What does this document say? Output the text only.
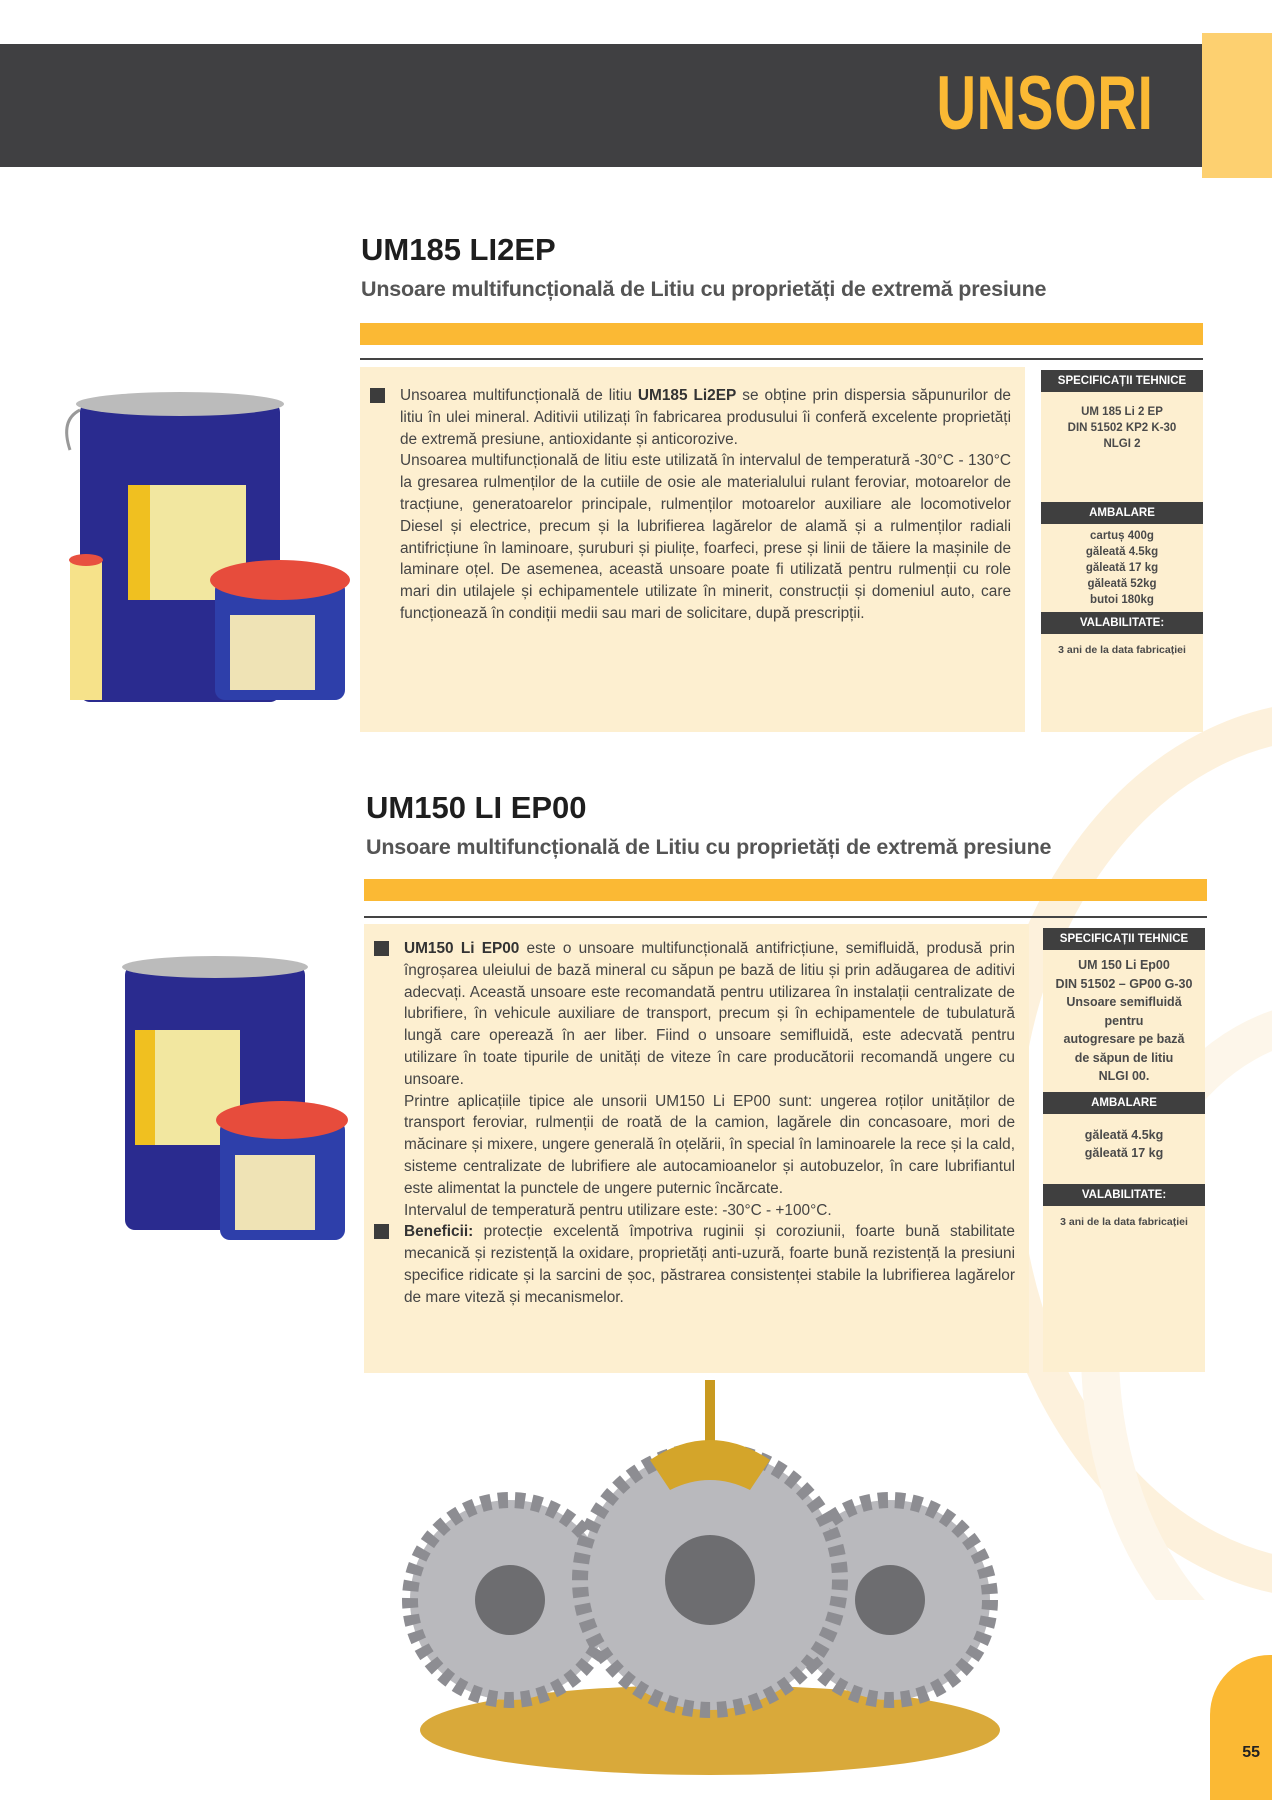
UNSORI
UM185 LI2EP
Unsoare multifuncțională de Litiu cu proprietăți de extremă presiune

Unsoarea multifuncțională de litiu UM185 Li2EP se obține prin dispersia săpunurilor de litiu în ulei mineral. Aditivii utilizați în fabricarea produsului îi conferă excelente proprietăți de extremă presiune, antioxidante și anticorozive.

Unsoarea multifuncțională de litiu este utilizată în intervalul de temperatură -30°C - 130°C la gresarea rulmenților de la cutiile de osie ale materialului rulant feroviar, motoarelor de tracțiune, generatoarelor principale, rulmenților motoarelor auxiliare ale locomotivelor Diesel și electrice, precum și la lubrifierea lagărelor de alamă și a rulmenților radiali antifricțiune în laminoare, șuruburi și piulițe, foarfeci, prese și linii de tăiere la mașinile de laminare oțel. De asemenea, această unsoare poate fi utilizată pentru rulmenții cu role mari din utilajele și echipamentele utilizate în minerit, construcții și domeniul auto, care funcționează în condiții medii sau mari de solicitare, după prescripții.

SPECIFICAȚII TEHNICE
UM 185 Li 2 EP
DIN 51502 KP2 K-30
NLGI 2
AMBALARE
cartuș 400g
găleată 4.5kg
găleată 17 kg
găleată 52kg
butoi 180kg
VALABILITATE:
3 ani de la data fabricației
UM150 LI EP00
Unsoare multifuncțională de Litiu cu proprietăți de extremă presiune

UM150 Li EP00 este o unsoare multifuncțională antifricțiune, semifluidă, produsă prin îngroșarea uleiului de bază mineral cu săpun pe bază de litiu și prin adăugarea de aditivi adecvați. Această unsoare este recomandată pentru utilizarea în instalații centralizate de lubrifiere, în vehicule auxiliare de transport, precum și în echipamentele de tubulatură lungă care operează în aer liber. Fiind o unsoare semifluidă, este adecvată pentru utilizare în toate tipurile de unități de viteze în care producătorii recomandă ungere cu unsoare.

Printre aplicațiile tipice ale unsorii UM150 Li EP00 sunt: ungerea roților unităților de transport feroviar, rulmenții de roată de la camion, lagărele din concasoare, mori de măcinare și mixere, ungere generală în oțelării, în special în laminoarele la rece și la cald, sisteme centralizate de lubrifiere ale autocamioanelor și autobuzelor, în care lubrifiantul este alimentat la punctele de ungere puternic încărcate.

Intervalul de temperatură pentru utilizare este: -30°C - +100°C.

Beneficii: protecție excelentă împotriva ruginii și coroziunii, foarte bună stabilitate mecanică și rezistență la oxidare, proprietăți anti-uzură, foarte bună rezistență la presiuni specifice ridicate și la sarcini de șoc, păstrarea consistenței stabile la lubrifierea lagărelor de mare viteză și mecanismelor.

SPECIFICAȚII TEHNICE
UM 150 Li Ep00
DIN 51502 – GP00 G-30
Unsoare semifluidă
pentru
autogresare pe bază
de săpun de litiu
NLGI 00.
AMBALARE
găleată 4.5kg
găleată 17 kg
VALABILITATE:
3 ani de la data fabricației
55
